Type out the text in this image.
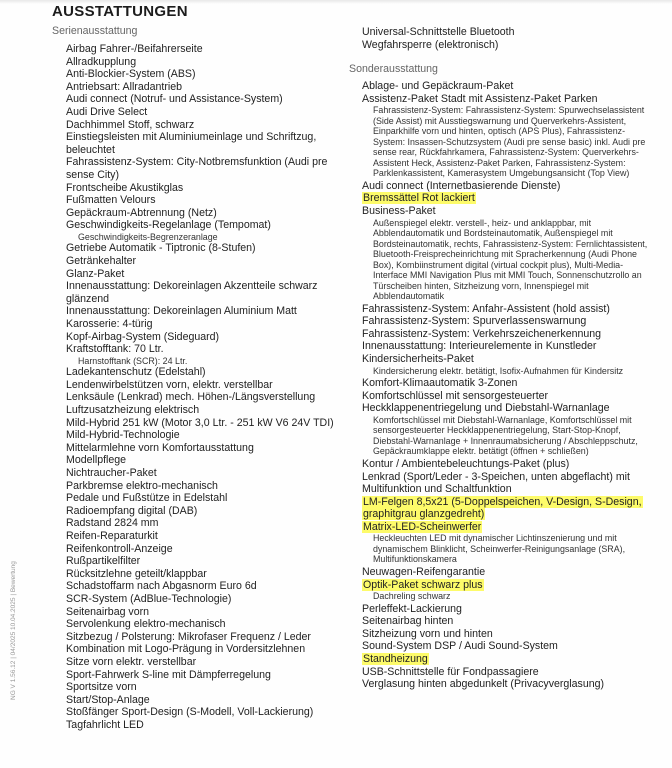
AUSSTATTUNGEN
Serienausstattung
Airbag Fahrer-/Beifahrerseite
Allradkupplung
Anti-Blockier-System (ABS)
Antriebsart: Allradantrieb
Audi connect (Notruf- und Assistance-System)
Audi Drive Select
Dachhimmel Stoff, schwarz
Einstiegsleisten mit Aluminiumeinlage und Schriftzug, beleuchtet
Fahrassistenz-System: City-Notbremsfunktion (Audi pre sense City)
Frontscheibe Akustikglas
Fußmatten Velours
Gepäckraum-Abtrennung (Netz)
Geschwindigkeits-Regelanlage (Tempomat)
Geschwindigkeits-Begrenzeranlage
Getriebe Automatik - Tiptronic (8-Stufen)
Getränkehalter
Glanz-Paket
Innenausstattung: Dekoreinlagen Akzentteile schwarz glänzend
Innenausstattung: Dekoreinlagen Aluminium Matt
Karosserie: 4-türig
Kopf-Airbag-System (Sideguard)
Kraftstofftank: 70 Ltr.
Harnstofftank (SCR): 24 Ltr.
Ladekantenschutz (Edelstahl)
Lendenwirbelstützen vorn, elektr. verstellbar
Lenksäule (Lenkrad) mech. Höhen-/Längsverstellung
Luftzusatzheizung elektrisch
Mild-Hybrid 251 kW (Motor 3,0 Ltr. - 251 kW V6 24V TDI)
Mild-Hybrid-Technologie
Mittelarmlehne vorn Komfortausstattung
Modellpflege
Nichtraucher-Paket
Parkbremse elektro-mechanisch
Pedale und Fußstütze in Edelstahl
Radioempfang digital (DAB)
Radstand 2824 mm
Reifen-Reparaturkit
Reifenkontroll-Anzeige
Rußpartikelfilter
Rücksitzlehne geteilt/klappbar
Schadstoffarm nach Abgasnorm Euro 6d
SCR-System (AdBlue-Technologie)
Seitenairbag vorn
Servolenkung elektro-mechanisch
Sitzbezug / Polsterung: Mikrofaser Frequenz / Leder Kombination mit Logo-Prägung in Vordersitzlehnen
Sitze vorn elektr. verstellbar
Sport-Fahrwerk S-line mit Dämpferregelung
Sportsitze vorn
Start/Stop-Anlage
Stoßfänger Sport-Design (S-Modell, Voll-Lackierung)
Tagfahrlicht LED
Universal-Schnittstelle Bluetooth
Wegfahrsperre (elektronisch)
Sonderausstattung
Ablage- und Gepäckraum-Paket
Assistenz-Paket Stadt mit Assistenz-Paket Parken
Fahrassistenz-System: Fahrassistenz-System: Spurwechselassistent (Side Assist) mit Ausstiegswarnung und Querverkehrs-Assistent, Einparkhilfe vorn und hinten, optisch (APS Plus), Fahrassistenz-System: Insassen-Schutzsystem (Audi pre sense basic) inkl. Audi pre sense rear, Rückfahrkamera, Fahrassistenz-System: Querverkehrs-Assistent Heck, Assistenz-Paket Parken, Fahrassistenz-System: Parklenkassistent, Kamerasystem Umgebungsansicht (Top View)
Audi connect (Internetbasierende Dienste)
Bremssättel Rot lackiert
Business-Paket
Außenspiegel elektr. verstell-, heiz- und anklappbar, mit Abblendautomatik und Bordsteinautomatik, Außenspiegel mit Bordsteinautomatik, rechts, Fahrassistenz-System: Fernlichtassistent, Bluetooth-Freisprecheinrichtung mit Spracherkennung (Audi Phone Box), Kombiinstrument digital (virtual cockpit plus), Multi-Media-Interface MMI Navigation Plus mit MMI Touch, Sonnenschutzrollo an Türscheiben hinten, Sitzheizung vorn, Innenspiegel mit Abblendautomatik
Fahrassistenz-System: Anfahr-Assistent (hold assist)
Fahrassistenz-System: Spurverlassenswarnung
Fahrassistenz-System: Verkehrszeichenerkennung
Innenausstattung: Interieurelemente in Kunstleder
Kindersicherheits-Paket
Kindersicherung elektr. betätigt, Isofix-Aufnahmen für Kindersitz
Komfort-Klimaautomatik 3-Zonen
Komfortschlüssel mit sensorgesteuerter
Heckklappenentriegelung und Diebstahl-Warnanlage
Komfortschlüssel mit Diebstahl-Warnanlage, Komfortschlüssel mit sensorgesteuerter Heckklappenentriegelung, Start-Stop-Knopf, Diebstahl-Warnanlage + Innenraumabsicherung / Abschleppschutz, Gepäckraumklappe elektr. betätigt (öffnen + schließen)
Kontur / Ambientebeleuchtungs-Paket (plus)
Lenkrad (Sport/Leder - 3-Speichen, unten abgeflacht) mit Multifunktion und Schaltfunktion
LM-Felgen 8,5x21 (5-Doppelspeichen, V-Design, S-Design, graphitgrau glanzgedreht)
Matrix-LED-Scheinwerfer
Heckleuchten LED mit dynamischer Lichtinszenierung und mit dynamischem Blinklicht, Scheinwerfer-Reinigungsanlage (SRA), Multifunktionskamera
Neuwagen-Reifengarantie
Optik-Paket schwarz plus
Dachreling schwarz
Perleffekt-Lackierung
Seitenairbag hinten
Sitzheizung vorn und hinten
Sound-System DSP / Audi Sound-System
Standheizung
USB-Schnittstelle für Fondpassagiere
Verglasung hinten abgedunkelt (Privacyverglasung)
NG V 1.56.12 | 04/2025 10.04.2025 | Bewertung
